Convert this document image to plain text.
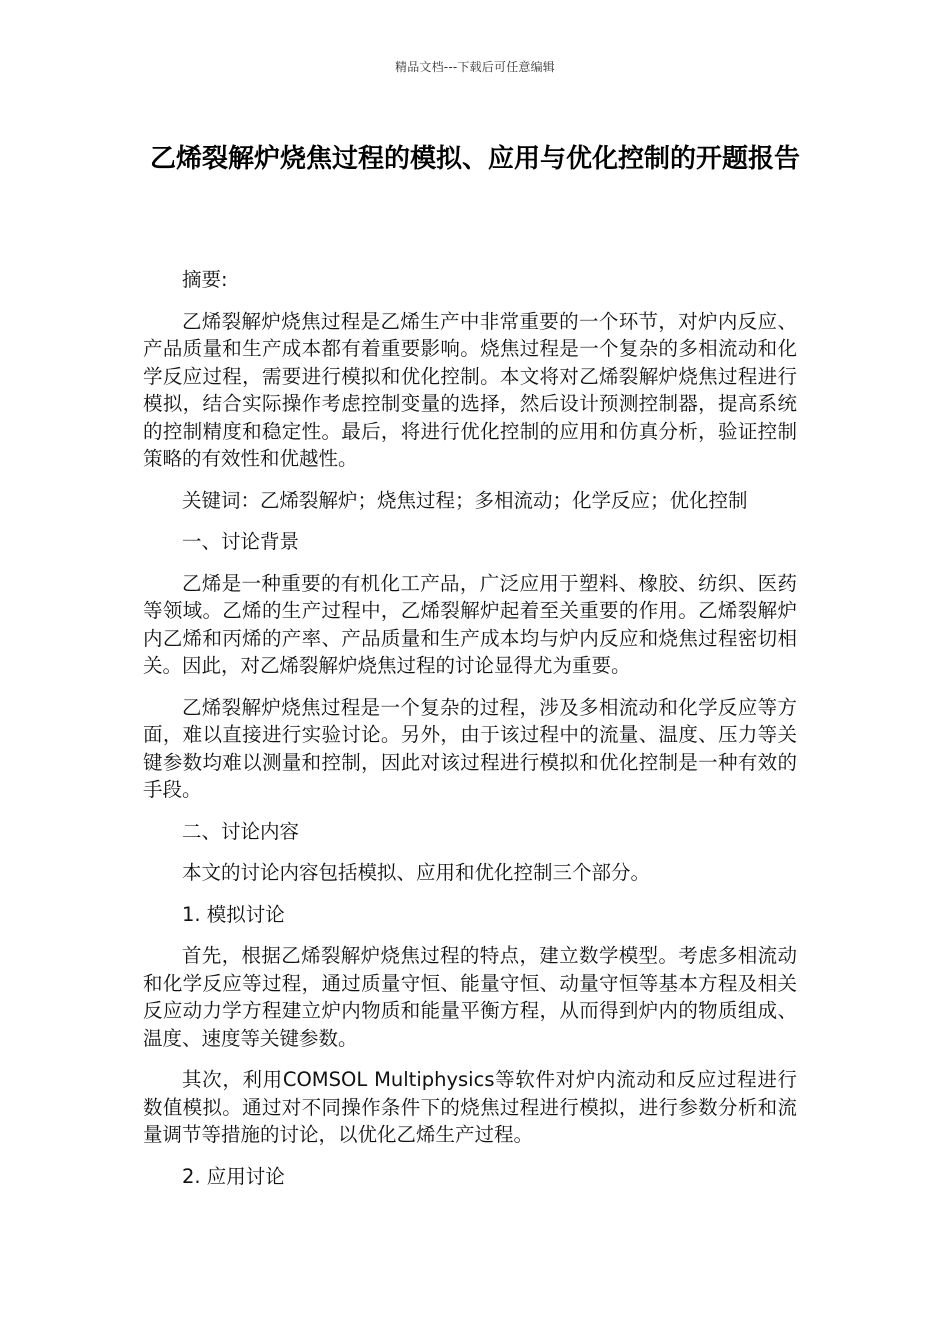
精品文档---下载后可任意编辑
乙烯裂解炉烧焦过程的模拟、应用与优化控制的开题报告

摘要:

乙烯裂解炉烧焦过程是乙烯生产中非常重要的一个环节，对炉内反应、产品质量和生产成本都有着重要影响。烧焦过程是一个复杂的多相流动和化学反应过程，需要进行模拟和优化控制。本文将对乙烯裂解炉烧焦过程进行模拟，结合实际操作考虑控制变量的选择，然后设计预测控制器，提高系统的控制精度和稳定性。最后，将进行优化控制的应用和仿真分析，验证控制策略的有效性和优越性。

关键词：乙烯裂解炉；烧焦过程；多相流动；化学反应；优化控制

一、讨论背景

乙烯是一种重要的有机化工产品，广泛应用于塑料、橡胶、纺织、医药等领域。乙烯的生产过程中，乙烯裂解炉起着至关重要的作用。乙烯裂解炉内乙烯和丙烯的产率、产品质量和生产成本均与炉内反应和烧焦过程密切相关。因此，对乙烯裂解炉烧焦过程的讨论显得尤为重要。

乙烯裂解炉烧焦过程是一个复杂的过程，涉及多相流动和化学反应等方面，难以直接进行实验讨论。另外，由于该过程中的流量、温度、压力等关键参数均难以测量和控制，因此对该过程进行模拟和优化控制是一种有效的手段。

二、讨论内容

本文的讨论内容包括模拟、应用和优化控制三个部分。

1. 模拟讨论

首先，根据乙烯裂解炉烧焦过程的特点，建立数学模型。考虑多相流动和化学反应等过程，通过质量守恒、能量守恒、动量守恒等基本方程及相关反应动力学方程建立炉内物质和能量平衡方程，从而得到炉内的物质组成、温度、速度等关键参数。

其次，利用COMSOL Multiphysics等软件对炉内流动和反应过程进行数值模拟。通过对不同操作条件下的烧焦过程进行模拟，进行参数分析和流量调节等措施的讨论，以优化乙烯生产过程。

2. 应用讨论
